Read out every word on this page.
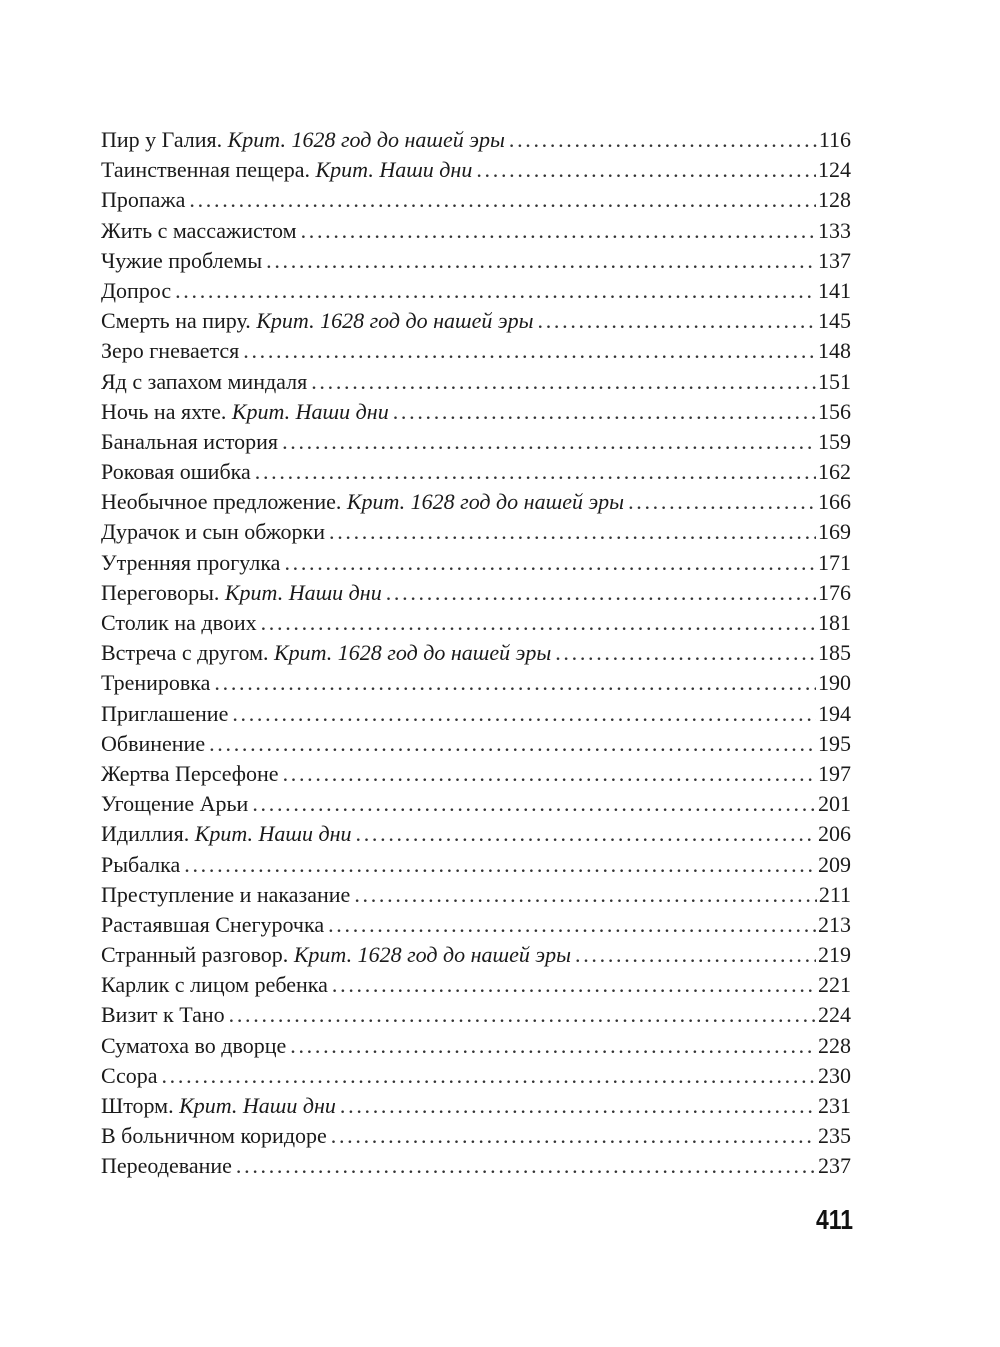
Пир у Галия. Крит. 1628 год до нашей эры . . .	116
Таинственная пещера. Крит. Наши дни . . .	124
Пропажа . . .	128
Жить с массажистом . . .	133
Чужие проблемы . . .	137
Допрос . . .	141
Смерть на пиру. Крит. 1628 год до нашей эры . . .	145
Зеро гневается . . .	148
Яд с запахом миндаля . . .	151
Ночь на яхте. Крит. Наши дни . . .	156
Банальная история . . .	159
Роковая ошибка . . .	162
Необычное предложение. Крит. 1628 год до нашей эры . . .	166
Дурачок и сын обжорки . . .	169
Утренняя прогулка . . .	171
Переговоры. Крит. Наши дни . . .	176
Столик на двоих . . .	181
Встреча с другом. Крит. 1628 год до нашей эры . . .	185
Тренировка . . .	190
Приглашение . . .	194
Обвинение . . .	195
Жертва Персефоне . . .	197
Угощение Арьи . . .	201
Идиллия. Крит. Наши дни . . .	206
Рыбалка . . .	209
Преступление и наказание . . .	211
Растаявшая Снегурочка . . .	213
Странный разговор. Крит. 1628 год до нашей эры . . .	219
Карлик с лицом ребенка . . .	221
Визит к Тано . . .	224
Суматоха во дворце . . .	228
Ссора . . .	230
Шторм. Крит. Наши дни . . .	231
В больничном коридоре . . .	235
Переодевание . . .	237
411
